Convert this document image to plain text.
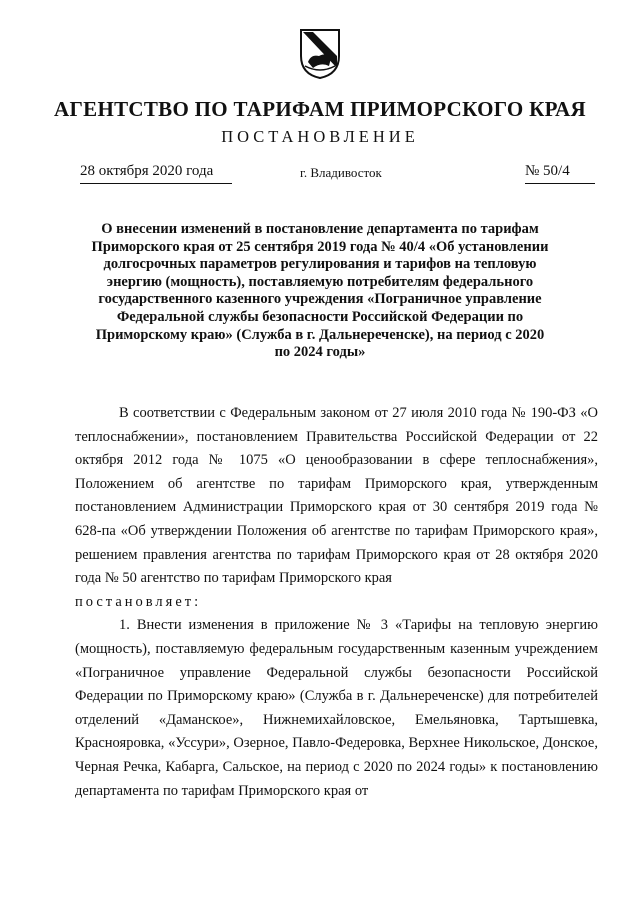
АГЕНТСТВО ПО ТАРИФАМ ПРИМОРСКОГО КРАЯ
ПОСТАНОВЛЕНИЕ
28 октября 2020 года	г. Владивосток	№ 50/4
О внесении изменений в постановление департамента по тарифам Приморского края от 25 сентября 2019 года № 40/4 «Об установлении долгосрочных параметров регулирования и тарифов на тепловую энергию (мощность), поставляемую потребителям федерального государственного казенного учреждения «Пограничное управление Федеральной службы безопасности Российской Федерации по Приморскому краю» (Служба в г. Дальнереченске), на период с 2020 по 2024 годы»

В соответствии с Федеральным законом от 27 июля 2010 года № 190-ФЗ «О теплоснабжении», постановлением Правительства Российской Федерации от 22 октября 2012 года № 1075 «О ценообразовании в сфере теплоснабжения», Положением об агентстве по тарифам Приморского края, утвержденным постановлением Администрации Приморского края от 30 сентября 2019 года № 628-па «Об утверждении Положения об агентстве по тарифам Приморского края», решением правления агентства по тарифам Приморского края от 28 октября 2020 года № 50 агентство по тарифам Приморского края

постановляет:

1. Внести изменения в приложение № 3 «Тарифы на тепловую энергию (мощность), поставляемую федеральным государственным казенным учреждением «Пограничное управление Федеральной службы безопасности Российской Федерации по Приморскому краю» (Служба в г. Дальнереченске) для потребителей отделений «Даманское», Нижнемихайловское, Емельяновка, Тартышевка, Краснояровка, «Уссури», Озерное, Павло-Федеровка, Верхнее Никольское, Донское, Черная Речка, Кабарга, Сальское, на период с 2020 по 2024 годы» к постановлению департамента по тарифам Приморского края от
